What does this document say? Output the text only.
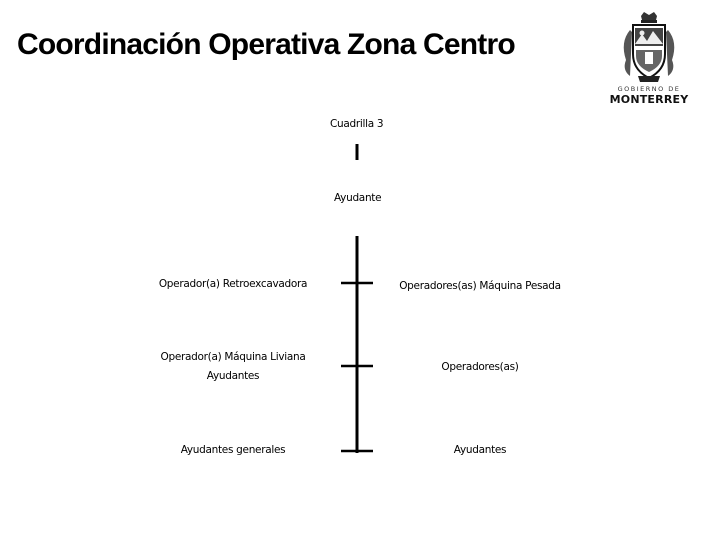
Coordinación Operativa Zona Centro
GOBIERNO DE
MONTERREY
Cuadrilla 3
Ayudante
Operador(a) Retroexcavadora
Operador(a) Máquina Liviana
Ayudantes
Ayudantes generales
Operadores(as) Máquina Pesada
Operadores(as)
Ayudantes
